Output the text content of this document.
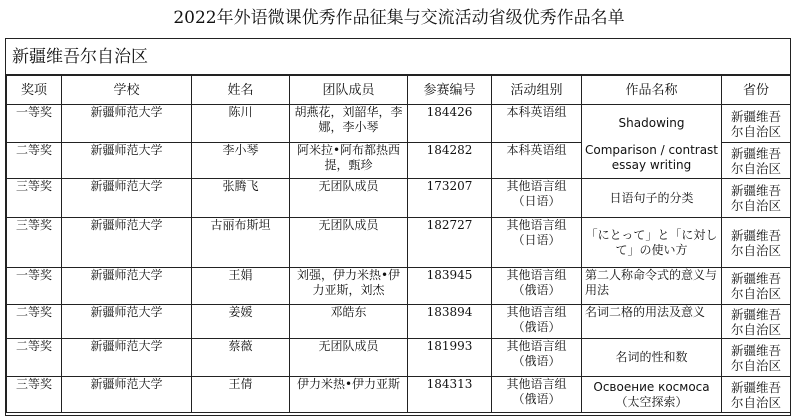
2022年外语微课优秀作品征集与交流活动省级优秀作品名单
新疆维吾尔自治区
奖项	学校	姓名	团队成员	参赛编号	活动组别	作品名称	省份
一等奖	新疆师范大学	陈川	胡燕花，刘韶华，李娜，李小琴	184426	本科英语组	Shadowing	新疆维吾尔自治区
二等奖	新疆师范大学	李小琴	阿米拉•阿布都热西提，甄珍	184282	本科英语组	Comparison / contrast essay writing	新疆维吾尔自治区
三等奖	新疆师范大学	张腾飞	无团队成员	173207	其他语言组（日语）	日语句子的分类	新疆维吾尔自治区
三等奖	新疆师范大学	古丽布斯坦	无团队成员	182727	其他语言组（日语）	「にとって」と「に対して」の使い方	新疆维吾尔自治区
一等奖	新疆师范大学	王娟	刘强，伊力米热•伊力亚斯，刘杰	183945	其他语言组（俄语）	第二人称命令式的意义与用法	新疆维吾尔自治区
二等奖	新疆师范大学	姜媛	邓皓东	183894	其他语言组（俄语）	名词二格的用法及意义	新疆维吾尔自治区
二等奖	新疆师范大学	蔡薇	无团队成员	181993	其他语言组（俄语）	名词的性和数	新疆维吾尔自治区
三等奖	新疆师范大学	王倩	伊力米热•伊力亚斯	184313	其他语言组（俄语）	Освоение космоса（太空探索）	新疆维吾尔自治区
